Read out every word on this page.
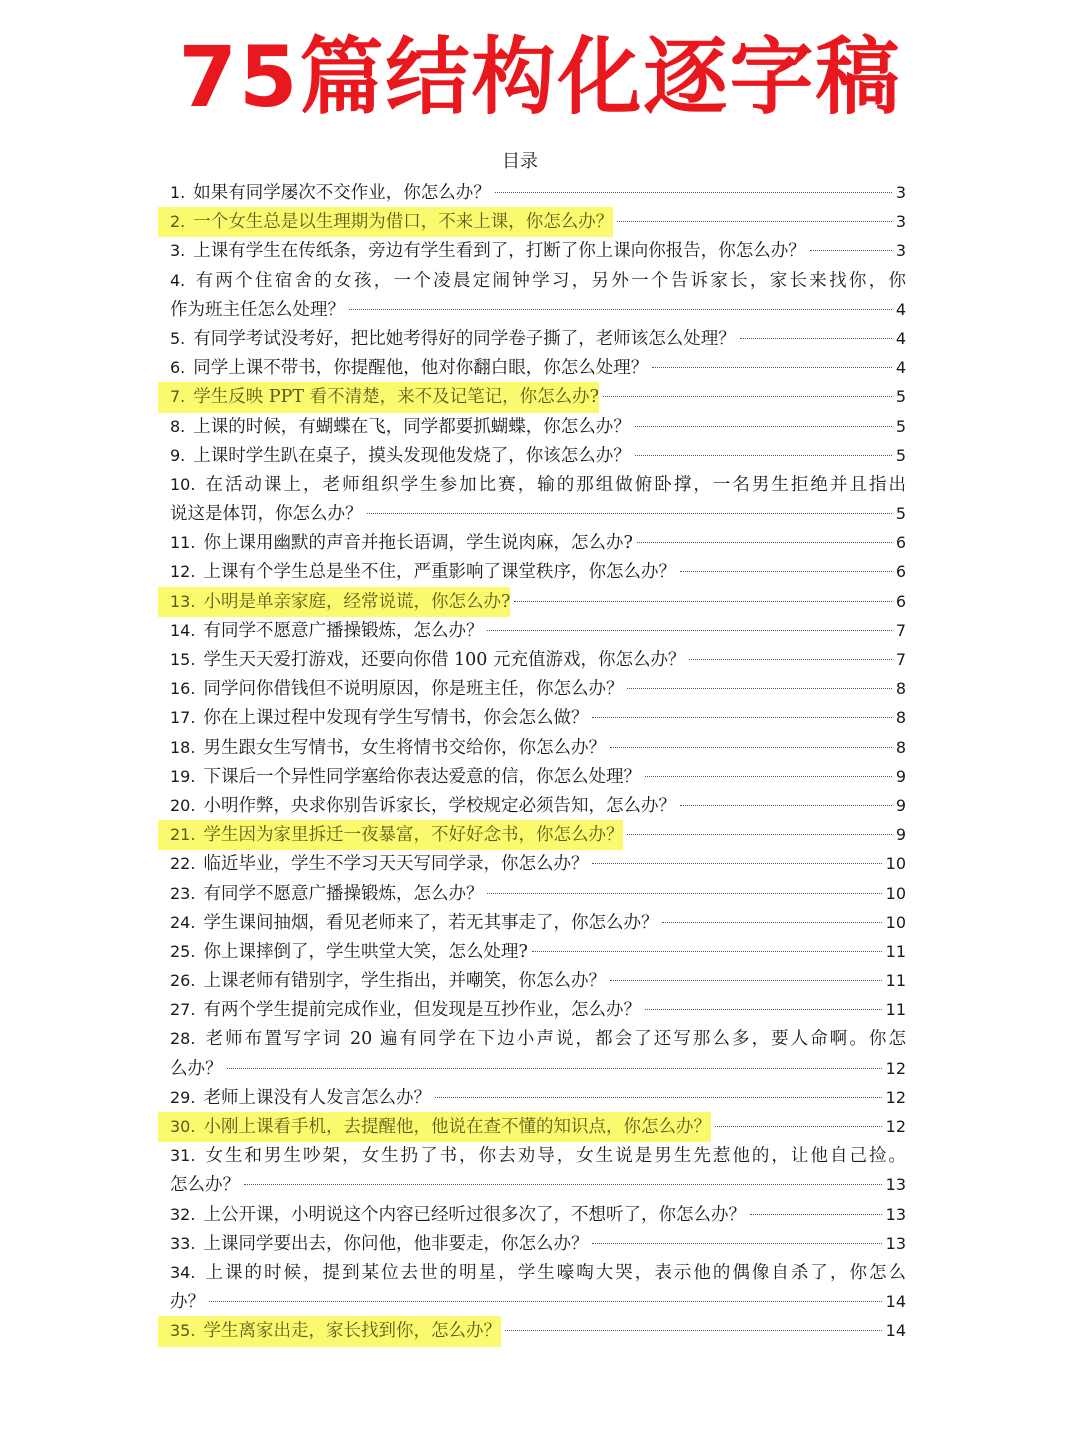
75篇结构化逐字稿
目录
1. 如果有同学屡次不交作业，你怎么办？	3
2. 一个女生总是以生理期为借口，不来上课，你怎么办？	3
3. 上课有学生在传纸条，旁边有学生看到了，打断了你上课向你报告，你怎么办？	3
4. 有两个住宿舍的女孩，一个凌晨定闹钟学习，另外一个告诉家长，家长来找你，你
作为班主任怎么处理？	4
5. 有同学考试没考好，把比她考得好的同学卷子撕了，老师该怎么处理？	4
6. 同学上课不带书，你提醒他，他对你翻白眼，你怎么处理？	4
7. 学生反映 PPT 看不清楚，来不及记笔记，你怎么办?	5
8. 上课的时候，有蝴蝶在飞，同学都要抓蝴蝶，你怎么办？	5
9. 上课时学生趴在桌子，摸头发现他发烧了，你该怎么办？	5
10. 在活动课上，老师组织学生参加比赛，输的那组做俯卧撑，一名男生拒绝并且指出
说这是体罚，你怎么办？	5
11. 你上课用幽默的声音并拖长语调，学生说肉麻，怎么办?	6
12. 上课有个学生总是坐不住，严重影响了课堂秩序，你怎么办？	6
13. 小明是单亲家庭，经常说谎，你怎么办?	6
14. 有同学不愿意广播操锻炼，怎么办？	7
15. 学生天天爱打游戏，还要向你借 100 元充值游戏，你怎么办？	7
16. 同学问你借钱但不说明原因，你是班主任，你怎么办？	8
17. 你在上课过程中发现有学生写情书，你会怎么做？	8
18. 男生跟女生写情书，女生将情书交给你，你怎么办？	8
19. 下课后一个异性同学塞给你表达爱意的信，你怎么处理？	9
20. 小明作弊，央求你别告诉家长，学校规定必须告知，怎么办？	9
21. 学生因为家里拆迁一夜暴富，不好好念书，你怎么办？	9
22. 临近毕业，学生不学习天天写同学录，你怎么办？	10
23. 有同学不愿意广播操锻炼，怎么办？	10
24. 学生课间抽烟，看见老师来了，若无其事走了，你怎么办？	10
25. 你上课摔倒了，学生哄堂大笑，怎么处理?	11
26. 上课老师有错别字，学生指出，并嘲笑，你怎么办？	11
27. 有两个学生提前完成作业，但发现是互抄作业，怎么办？	11
28. 老师布置写字词 20 遍有同学在下边小声说，都会了还写那么多，要人命啊。你怎
么办？	12
29. 老师上课没有人发言怎么办？	12
30. 小刚上课看手机，去提醒他，他说在查不懂的知识点，你怎么办？	12
31. 女生和男生吵架，女生扔了书，你去劝导，女生说是男生先惹他的，让他自己捡。
怎么办？	13
32. 上公开课，小明说这个内容已经听过很多次了，不想听了，你怎么办？	13
33. 上课同学要出去，你问他，他非要走，你怎么办？	13
34. 上课的时候，提到某位去世的明星，学生嚎啕大哭，表示他的偶像自杀了，你怎么
办？	14
35. 学生离家出走，家长找到你，怎么办？	14
